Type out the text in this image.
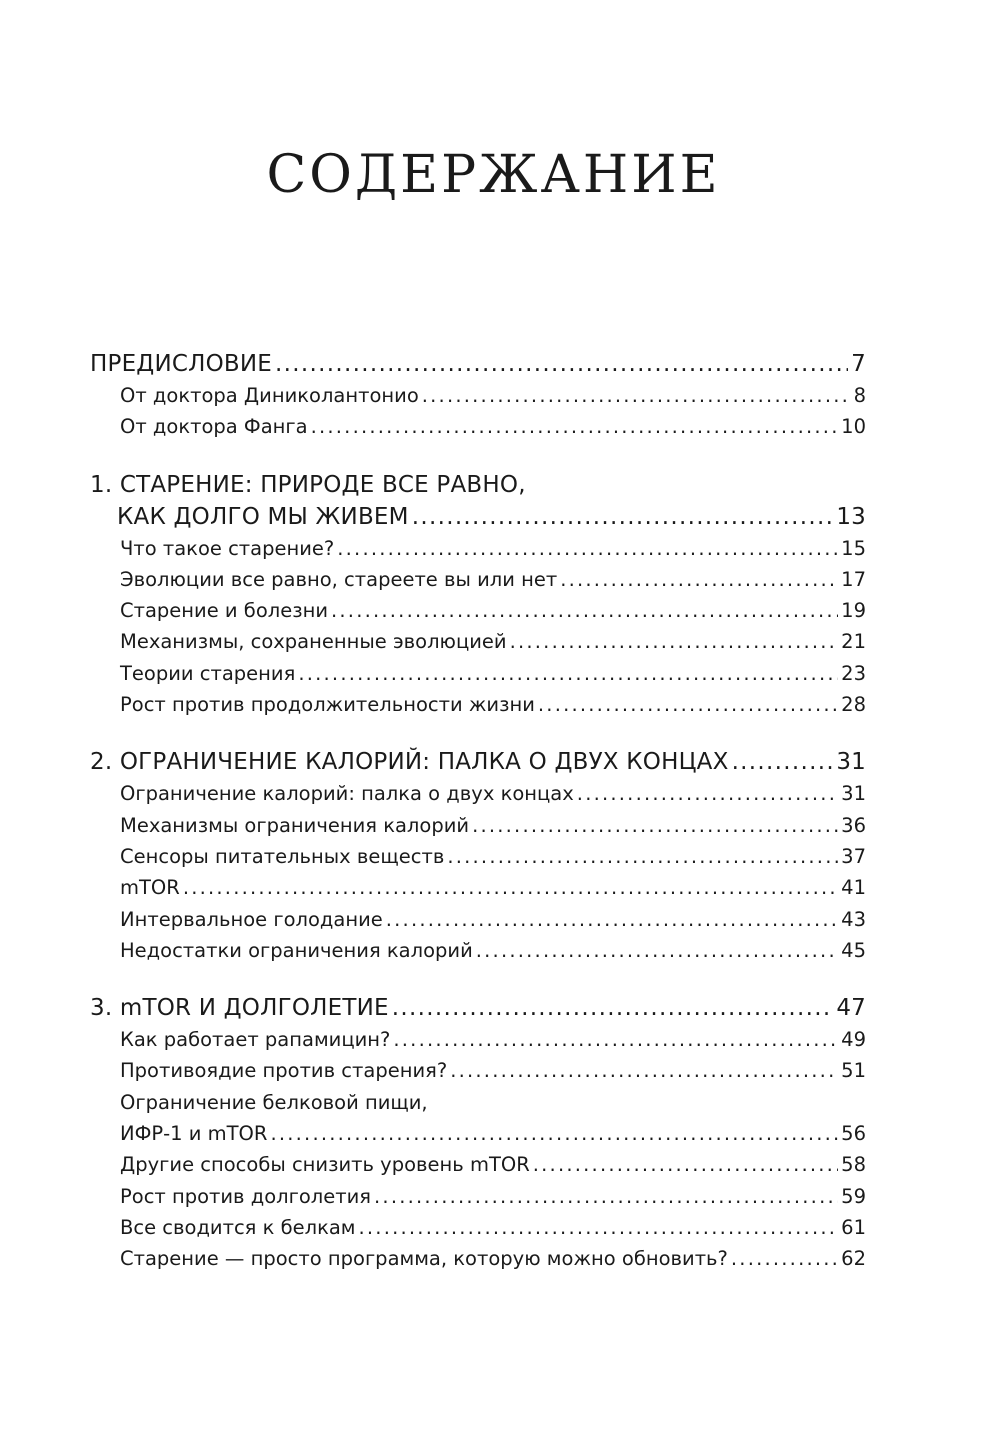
СОДЕРЖАНИЕ
ПРЕДИСЛОВИЕ . . .	7
От доктора Диниколантонио . . .	8
От доктора Фанга . . .	10
1. СТАРЕНИЕ: ПРИРОДЕ ВСЕ РАВНО,
КАК ДОЛГО МЫ ЖИВЕМ . . .	13
Что такое старение? . . .	15
Эволюции все равно, стареете вы или нет . . .	17
Старение и болезни . . .	19
Механизмы, сохраненные эволюцией . . .	21
Теории старения . . .	23
Рост против продолжительности жизни . . .	28
2. ОГРАНИЧЕНИЕ КАЛОРИЙ: ПАЛКА О ДВУХ КОНЦАХ . . .	31
Ограничение калорий: палка о двух концах . . .	31
Механизмы ограничения калорий . . .	36
Сенсоры питательных веществ . . .	37
mTOR . . .	41
Интервальное голодание . . .	43
Недостатки ограничения калорий . . .	45
3. mTOR И ДОЛГОЛЕТИЕ . . .	47
Как работает рапамицин? . . .	49
Противоядие против старения? . . .	51
Ограничение белковой пищи,
ИФР-1 и mTOR . . .	56
Другие способы снизить уровень mTOR . . .	58
Рост против долголетия . . .	59
Все сводится к белкам . . .	61
Старение — просто программа, которую можно обновить? . . .	62
